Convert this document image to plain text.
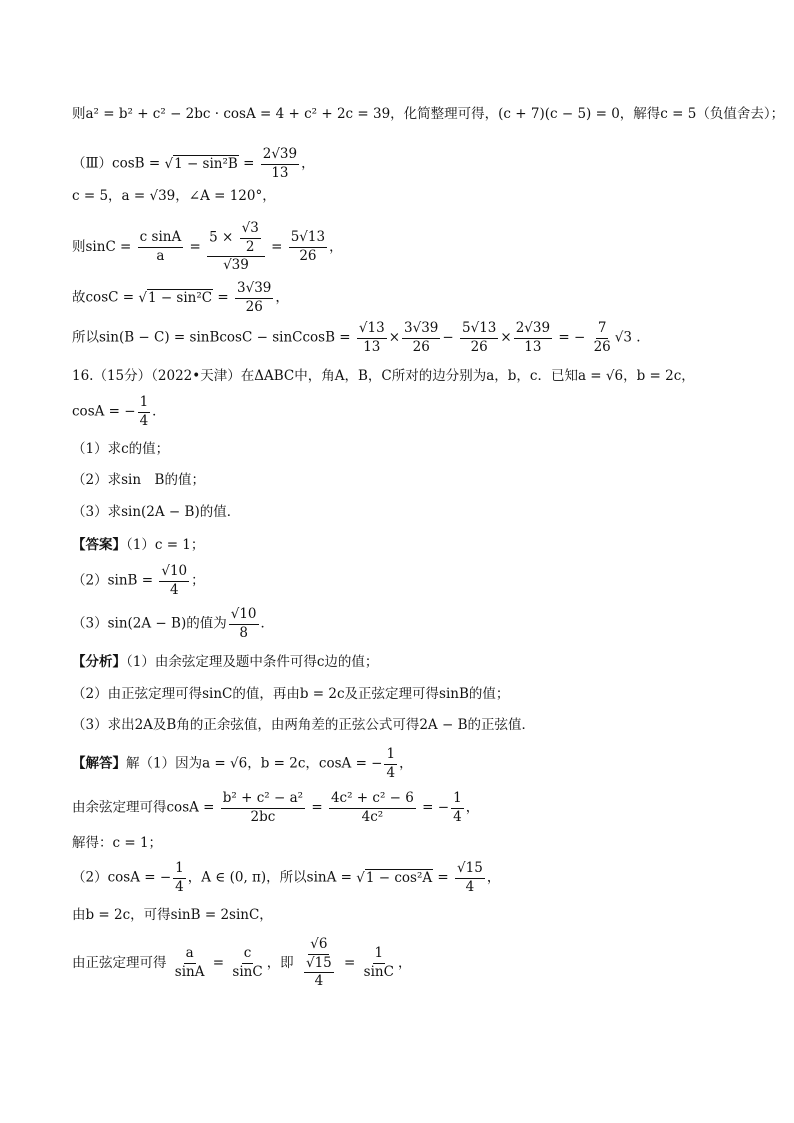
则a² = b² + c² − 2bc · cosA = 4 + c² + 2c = 39，化简整理可得，(c + 7)(c − 5) = 0，解得c = 5（负值舍去）；
（Ⅲ）cosB = $√1 - \sin^2B = \frac{2√39}{13}$ ，
c = 5，a = √39，∠A = 120°，
则$\sin C = \frac{\text{c sinA}}{a} = \frac{5 \times \frac{√3}{2}}{√39} = \frac{5√13}{26}$ ，
故$\cos C = √1 - \sin^2C = \frac{3√39}{26}$ ，
所以sin(B − C) = sinBcosC − sinCcosB = $\frac{√13}{13} \times \frac{3√39}{26} - \frac{5√13}{26} \times \frac{2√39}{13}$ = − $\frac{7}{26} √3$ .
16.（15分）（2022•天津）在ΔABC中，角A，B，C所对的边分别为a，b，c．已知a = √6，b = 2c，
cosA = − $\frac{1}{4}$ ．
（1）求c的值；
（2）求sin　B的值；
（3）求sin(2A − B)的值．
【答案】（1）c = 1；
$(2)\sin B = \frac{√10}{4}$ ；
（3）sin(2A − B)的值为 $\frac{√10}{8}$ ．
【分析】（1）由余弦定理及题中条件可得c边的值；
（2）由正弦定理可得sinC的值，再由b = 2c及正弦定理可得sinB的值；
（3）求出2A及B角的正余弦值，由两角差的正弦公式可得2A − B的正弦值．
【解答】解（1）因为a = √6，b = 2c，cosA = − $\frac{1}{4}$ ，
由余弦定理可得$\cos A = \frac{\text{b² + c² − a²}}{2bc} = \frac{\text{4c² + c² − 6}}{\text{4c²}}$ = − $\frac{1}{4}$ ，
解得：c = 1；
（2）cosA = − $\frac{1}{4}$ ，A ∈ (0, π)，所以$\sin A = √1 - \cos^2A = \frac{√15}{4}$ ，
由b = 2c，可得sinB = 2sinC，
由正弦定理可得 $\frac{a}{\sin A} = \frac{c}{\sin C}$ ，即 $\frac{√6}{\frac{√15}{4}} = \frac{1}{\sin C}$ ，
